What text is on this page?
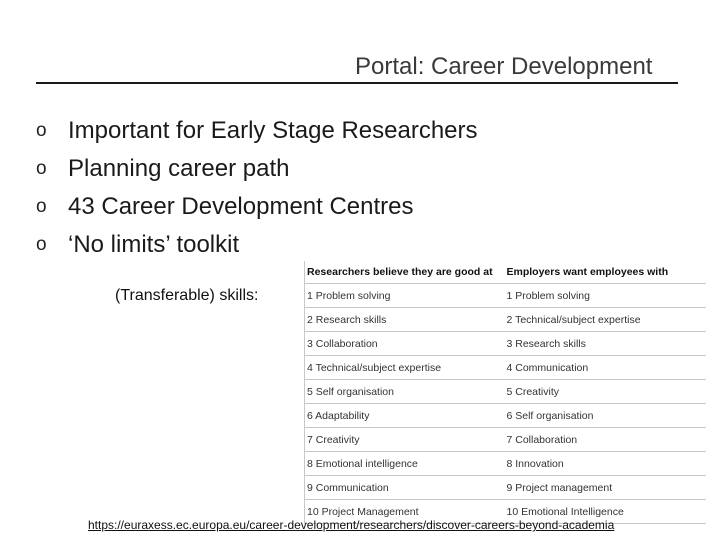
Portal: Career Development
o Important for Early Stage Researchers
o Planning career path
o 43 Career Development Centres
o ‘No limits’ toolkit
(Transferable) skills:
Researchers believe they are good at	Employers want employees with
1 Problem solving	1 Problem solving
2 Research skills	2 Technical/subject expertise
3 Collaboration	3 Research skills
4 Technical/subject expertise	4 Communication
5 Self organisation	5 Creativity
6 Adaptability	6 Self organisation
7 Creativity	7 Collaboration
8 Emotional intelligence	8 Innovation
9 Communication	9 Project management
10 Project Management	10 Emotional Intelligence
https://euraxess.ec.europa.eu/career-development/researchers/discover-careers-beyond-academia
